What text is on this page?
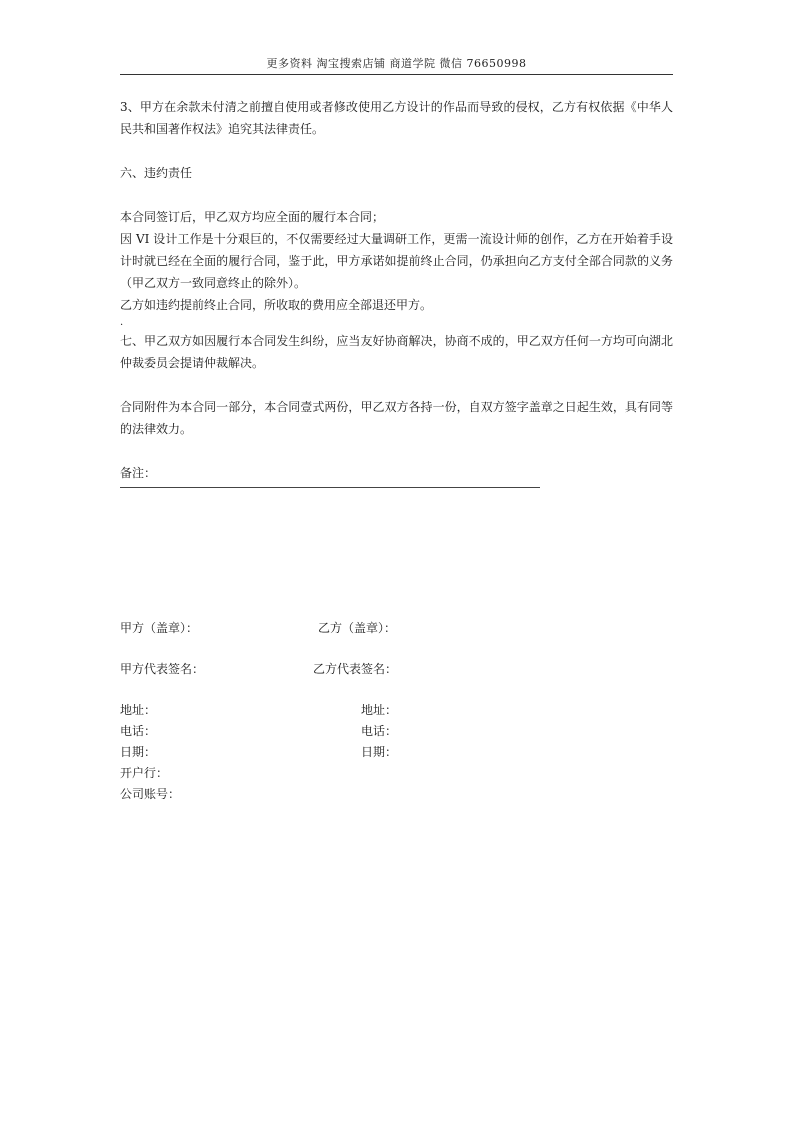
更多资料 淘宝搜索店铺 商道学院 微信 76650998

3、甲方在余款未付清之前擅自使用或者修改使用乙方设计的作品而导致的侵权，乙方有权依据《中华人民共和国著作权法》追究其法律责任。

六、违约责任

本合同签订后，甲乙双方均应全面的履行本合同；

因 VI 设计工作是十分艰巨的，不仅需要经过大量调研工作，更需一流设计师的创作，乙方在开始着手设计时就已经在全面的履行合同，鉴于此，甲方承诺如提前终止合同，仍承担向乙方支付全部合同款的义务（甲乙双方一致同意终止的除外）。

乙方如违约提前终止合同，所收取的费用应全部退还甲方。

.

七、甲乙双方如因履行本合同发生纠纷，应当友好协商解决，协商不成的，甲乙双方任何一方均可向湖北仲裁委员会提请仲裁解决。

合同附件为本合同一部分，本合同壹式两份，甲乙双方各持一份，自双方签字盖章之日起生效，具有同等的法律效力。

备注：

甲方（盖章）：	乙方（盖章）：
甲方代表签名：	乙方代表签名：
地址：	地址：
电话：	电话：
日期：	日期：
开户行：
公司账号：
